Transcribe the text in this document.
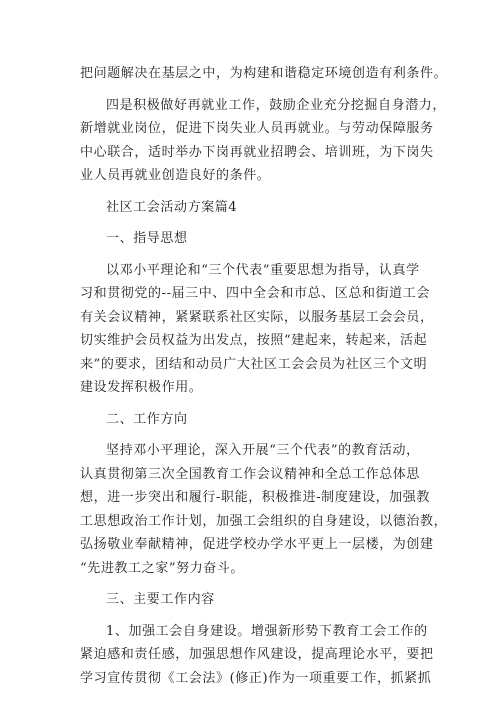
把问题解决在基层之中，为构建和谐稳定环境创造有利条件。
四是积极做好再就业工作，鼓励企业充分挖掘自身潜力，
新增就业岗位，促进下岗失业人员再就业。与劳动保障服务
中心联合，适时举办下岗再就业招聘会、培训班，为下岗失
业人员再就业创造良好的条件。
社区工会活动方案篇4
一、指导思想
以邓小平理论和“三个代表”重要思想为指导，认真学
习和贯彻党的--届三中、四中全会和市总、区总和街道工会
有关会议精神，紧紧联系社区实际，以服务基层工会会员，
切实维护会员权益为出发点，按照“建起来，转起来，活起
来”的要求，团结和动员广大社区工会会员为社区三个文明
建设发挥积极作用。
二、工作方向
坚持邓小平理论，深入开展“三个代表”的教育活动，
认真贯彻第三次全国教育工作会议精神和全总工作总体思
想，进一步突出和履行-职能，积极推进-制度建设，加强教
工思想政治工作计划，加强工会组织的自身建设，以德治教，
弘扬敬业奉献精神，促进学校办学水平更上一层楼，为创建
“先进教工之家”努力奋斗。
三、主要工作内容
1、加强工会自身建设。增强新形势下教育工会工作的
紧迫感和责任感，加强思想作风建设，提高理论水平，要把
学习宣传贯彻《工会法》(修正)作为一项重要工作，抓紧抓
